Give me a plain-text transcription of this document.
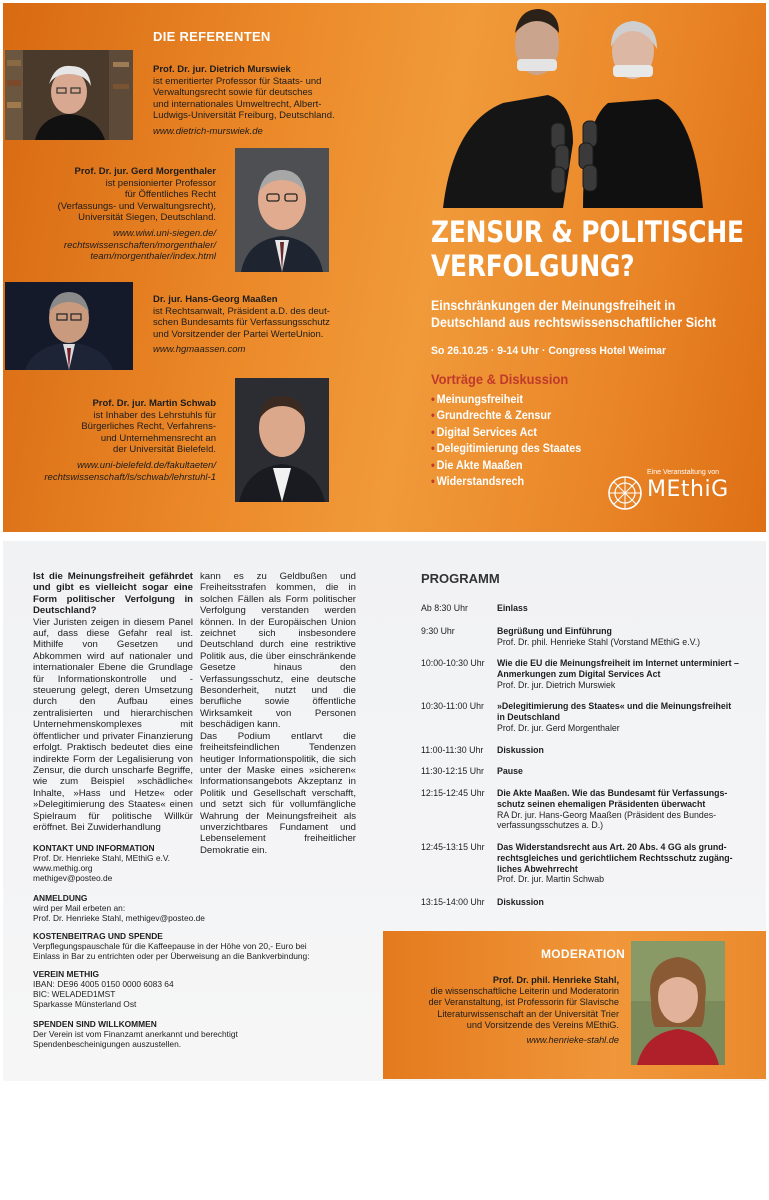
DIE REFERENTEN
Prof. Dr. jur. Dietrich Murswiek
ist emeritierter Professor für Staats- und
Verwaltungsrecht sowie für deutsches
und internationales Umweltrecht, Albert-
Ludwigs-Universität Freiburg, Deutschland.
www.dietrich-murswiek.de
Prof. Dr. jur. Gerd Morgenthaler
ist pensionierter Professor
für Öffentliches Recht
(Verfassungs- und Verwaltungsrecht),
Universität Siegen, Deutschland.
www.wiwi.uni-siegen.de/
rechtswissenschaften/morgenthaler/
team/morgenthaler/index.html
Dr. jur. Hans-Georg Maaßen
ist Rechtsanwalt, Präsident a.D. des deut-
schen Bundesamts für Verfassungsschutz
und Vorsitzender der Partei WerteUnion.
www.hgmaassen.com
Prof. Dr. jur. Martin Schwab
ist Inhaber des Lehrstuhls für
Bürgerliches Recht, Verfahrens-
und Unternehmensrecht an
der Universität Bielefeld.
www.uni-bielefeld.de/fakultaeten/
rechtswissenschaft/ls/schwab/lehrstuhl-1
ZENSUR & POLITISCHE
VERFOLGUNG?
Einschränkungen der Meinungsfreiheit in
Deutschland aus rechtswissenschaftlicher Sicht
So 26.10.25 · 9-14 Uhr · Congress Hotel Weimar
Vorträge & Diskussion
• Meinungsfreiheit
• Grundrechte & Zensur
• Digital Services Act
• Delegitimierung des Staates
• Die Akte Maaßen
• Widerstandsrech
Eine Veranstaltung von
MEthiG
Ist die Meinungsfreiheit gefährdet und gibt es vielleicht sogar eine Form politischer Verfolgung in Deutschland?
Vier Juristen zeigen in diesem Panel auf, dass diese Gefahr real ist. Mithilfe von Gesetzen und Abkommen wird auf nationaler und internationaler Ebene die Grundlage für Informationskontrolle und -steuerung gelegt, deren Umsetzung durch den Aufbau eines zentralisierten und hierarchischen Unternehmenskomplexes mit öffentlicher und privater Finanzierung erfolgt. Praktisch bedeutet dies eine indirekte Form der Legalisierung von Zensur, die durch unscharfe Begriffe, wie zum Beispiel »schädliche« Inhalte, »Hass und Hetze« oder »Delegitimierung des Staates« einen Spielraum für politische Willkür eröffnet. Bei Zuwiderhandlung
kann es zu Geldbußen und Freiheitsstrafen kommen, die in solchen Fällen als Form politischer Verfolgung verstanden werden können. In der Europäischen Union zeichnet sich insbesondere Deutschland durch eine restriktive Politik aus, die über einschränkende Gesetze hinaus den Verfassungsschutz, eine deutsche Besonderheit, nutzt und die berufliche sowie öffentliche Wirksamkeit von Personen beschädigen kann.
Das Podium entlarvt die freiheitsfeindlichen Tendenzen heutiger Informationspolitik, die sich unter der Maske eines »sicheren« Informationsangebots Akzeptanz in Politik und Gesellschaft verschafft, und setzt sich für vollumfängliche Wahrung der Meinungsfreiheit als unverzichtbares Fundament und Lebenselement freiheitlicher Demokratie ein.
KONTAKT UND INFORMATION
Prof. Dr. Henrieke Stahl, MEthiG e.V.
www.methig.org
methigev@posteo.de
ANMELDUNG
wird per Mail erbeten an:
Prof. Dr. Henrieke Stahl, methigev@posteo.de
KOSTENBEITRAG UND SPENDE
Verpflegungspauschale für die Kaffeepause in der Höhe von 20,- Euro bei
Einlass in Bar zu entrichten oder per Überweisung an die Bankverbindung:
VEREIN METHIG
IBAN: DE96 4005 0150 0000 6083 64
BIC: WELADED1MST
Sparkasse Münsterland Ost
SPENDEN SIND WILLKOMMEN
Der Verein ist vom Finanzamt anerkannt und berechtigt
Spendenbescheinigungen auszustellen.
PROGRAMM
Ab 8:30 Uhr	Einlass
9:30 Uhr	Begrüßung und Einführung
Prof. Dr. phil. Henrieke Stahl (Vorstand MEthiG e.V.)
10:00-10:30 Uhr	Wie die EU die Meinungsfreiheit im Internet unterminiert –
Anmerkungen zum Digital Services Act
Prof. Dr. jur. Dietrich Murswiek
10:30-11:00 Uhr	»Delegitimierung des Staates« und die Meinungsfreiheit
in Deutschland
Prof. Dr. jur. Gerd Morgenthaler
11:00-11:30 Uhr	Diskussion
11:30-12:15 Uhr	Pause
12:15-12:45 Uhr	Die Akte Maaßen. Wie das Bundesamt für Verfassungs-
schutz seinen ehemaligen Präsidenten überwacht
RA Dr. jur. Hans-Georg Maaßen (Präsident des Bundes-
verfassungsschutzes a. D.)
12:45-13:15 Uhr	Das Widerstandsrecht aus Art. 20 Abs. 4 GG als grund-
rechtsgleiches und gerichtlichem Rechtsschutz zugäng-
liches Abwehrrecht
Prof. Dr. jur. Martin Schwab
13:15-14:00 Uhr	Diskussion
MODERATION
Prof. Dr. phil. Henrieke Stahl,
die wissenschaftliche Leiterin und Moderatorin
der Veranstaltung, ist Professorin für Slavische
Literaturwissenschaft an der Universität Trier
und Vorsitzende des Vereins MEthiG.
www.henrieke-stahl.de
